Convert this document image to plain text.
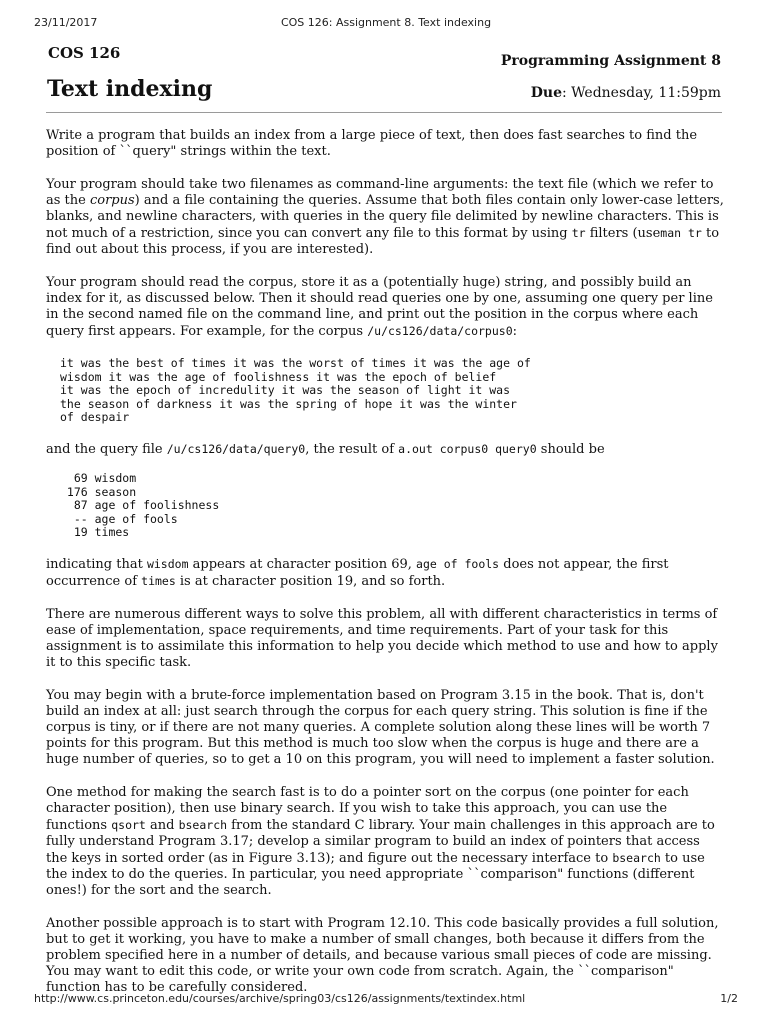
23/11/2017	COS 126: Assignment 8. Text indexing
COS 126	Programming Assignment 8
Text indexing	Due: Wednesday, 11:59pm

Write a program that builds an index from a large piece of text, then does fast searches to find the position of ``query" strings within the text.

Your program should take two filenames as command-line arguments: the text file (which we refer to as the corpus) and a file containing the queries. Assume that both files contain only lower-case letters, blanks, and newline characters, with queries in the query file delimited by newline characters. This is not much of a restriction, since you can convert any file to this format by using tr filters (useman tr to find out about this process, if you are interested).

Your program should read the corpus, store it as a (potentially huge) string, and possibly build an index for it, as discussed below. Then it should read queries one by one, assuming one query per line in the second named file on the command line, and print out the position in the corpus where each query first appears. For example, for the corpus /u/cs126/data/corpus0:

it was the best of times it was the worst of times it was the age of
wisdom it was the age of foolishness it was the epoch of belief
it was the epoch of incredulity it was the season of light it was
the season of darkness it was the spring of hope it was the winter
of despair

and the query file /u/cs126/data/query0, the result of a.out corpus0 query0 should be

69 wisdom
176 season
87 age of foolishness
-- age of fools
19 times

indicating that wisdom appears at character position 69, age of fools does not appear, the first occurrence of times is at character position 19, and so forth.

There are numerous different ways to solve this problem, all with different characteristics in terms of ease of implementation, space requirements, and time requirements. Part of your task for this assignment is to assimilate this information to help you decide which method to use and how to apply it to this specific task.

You may begin with a brute-force implementation based on Program 3.15 in the book. That is, don't build an index at all: just search through the corpus for each query string. This solution is fine if the corpus is tiny, or if there are not many queries. A complete solution along these lines will be worth 7 points for this program. But this method is much too slow when the corpus is huge and there are a huge number of queries, so to get a 10 on this program, you will need to implement a faster solution.

One method for making the search fast is to do a pointer sort on the corpus (one pointer for each character position), then use binary search. If you wish to take this approach, you can use the functions qsort and bsearch from the standard C library. Your main challenges in this approach are to fully understand Program 3.17; develop a similar program to build an index of pointers that access the keys in sorted order (as in Figure 3.13); and figure out the necessary interface to bsearch to use the index to do the queries. In particular, you need appropriate ``comparison" functions (different ones!) for the sort and the search.

Another possible approach is to start with Program 12.10. This code basically provides a full solution, but to get it working, you have to make a number of small changes, both because it differs from the problem specified here in a number of details, and because various small pieces of code are missing. You may want to edit this code, or write your own code from scratch. Again, the ``comparison" function has to be carefully considered.

http://www.cs.princeton.edu/courses/archive/spring03/cs126/assignments/textindex.html	1/2
